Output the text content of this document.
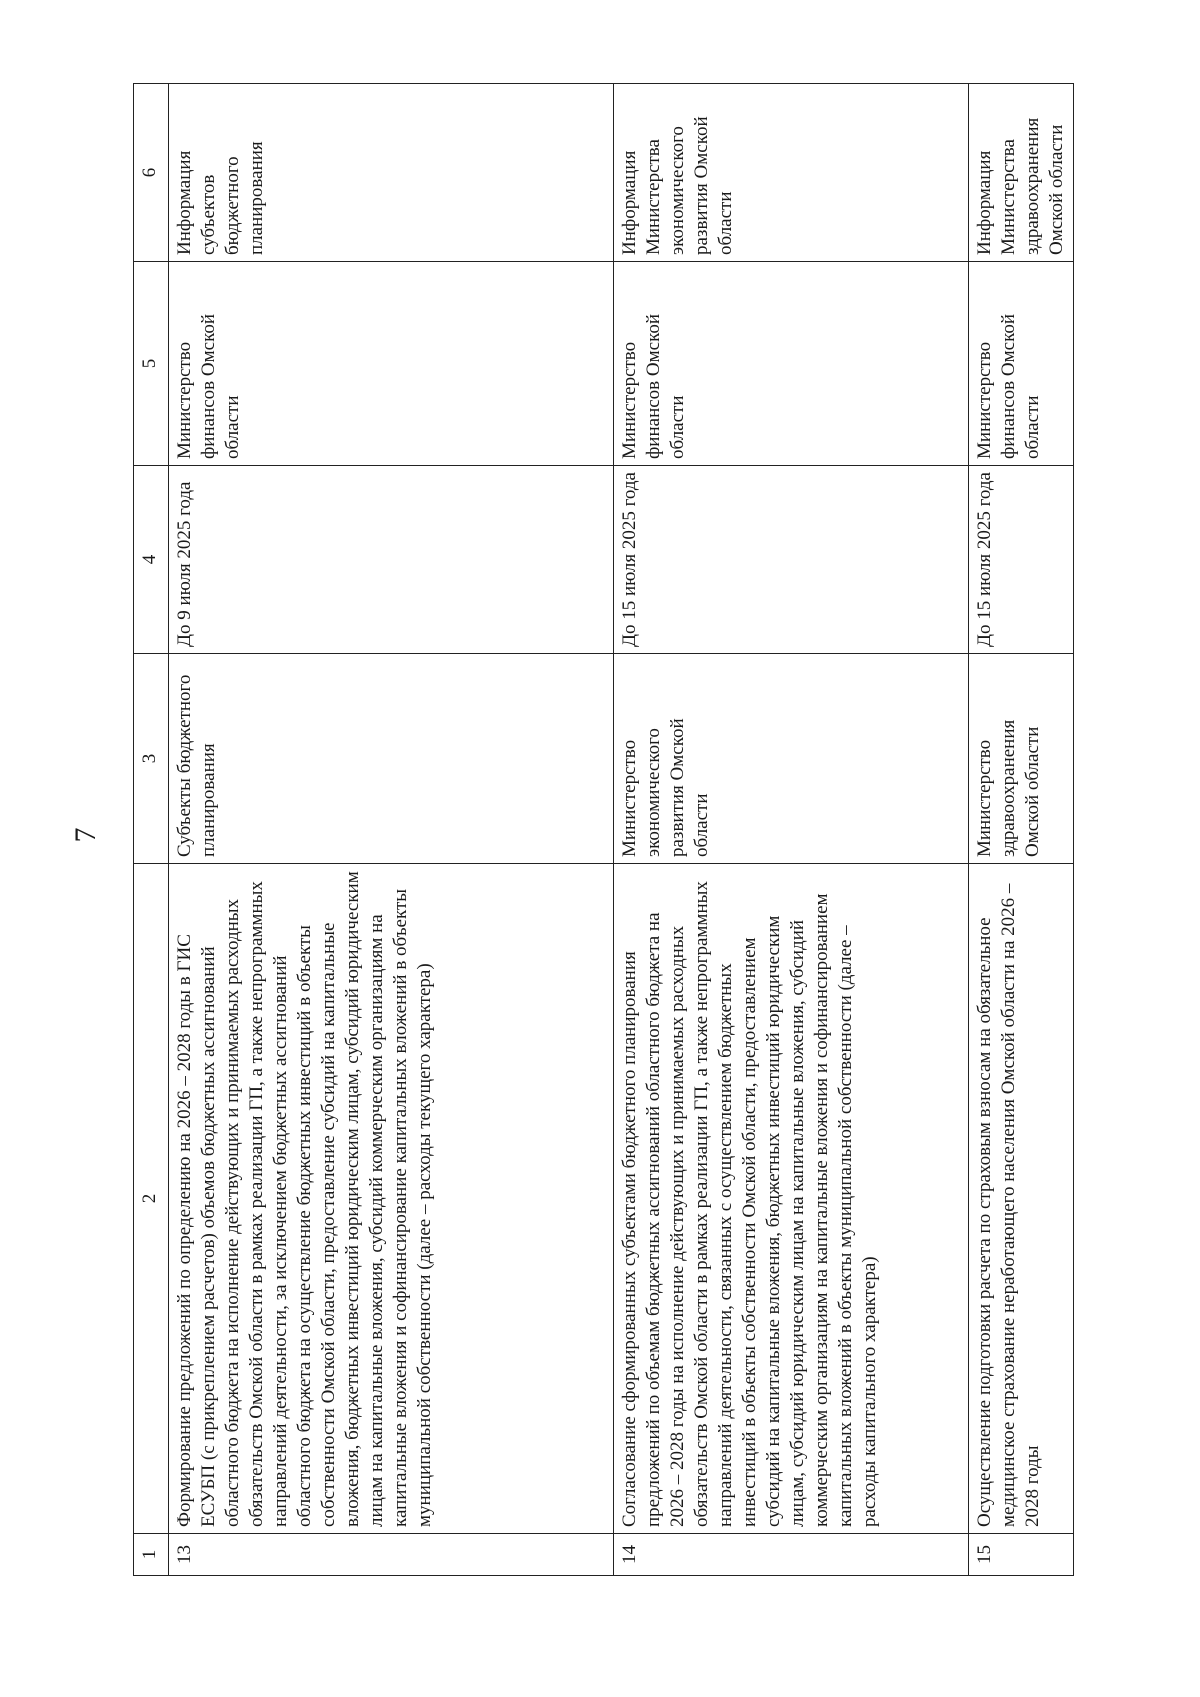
7
1	2	3	4	5	6
13	Формирование предложений по определению на 2026 – 2028 годы в ГИС ЕСУБП (с прикреплением расчетов) объемов бюджетных ассигнований областного бюджета на исполнение действующих и принимаемых расходных обязательств Омской области в рамках реализации ГП, а также непрограммных направлений деятельности, за исключением бюджетных ассигнований областного бюджета на осуществление бюджетных инвестиций в объекты собственности Омской области, предоставление субсидий на капитальные вложения, бюджетных инвестиций юридическим лицам, субсидий юридическим лицам на капитальные вложения, субсидий коммерческим организациям на капитальные вложения и софинансирование капитальных вложений в объекты муниципальной собственности (далее – расходы текущего характера)	Субъекты бюджетного планирования	До 9 июля 2025 года	Министерство финансов Омской области	Информация субъектов бюджетного планирования
14	Согласование сформированных субъектами бюджетного планирования предложений по объемам бюджетных ассигнований областного бюджета на 2026 – 2028 годы на исполнение действующих и принимаемых расходных обязательств Омской области в рамках реализации ГП, а также непрограммных направлений деятельности, связанных с осуществлением бюджетных инвестиций в объекты собственности Омской области, предоставлением субсидий на капитальные вложения, бюджетных инвестиций юридическим лицам, субсидий юридическим лицам на капитальные вложения, субсидий коммерческим организациям на капитальные вложения и софинансированием капитальных вложений в объекты муниципальной собственности (далее – расходы капитального характера)	Министерство экономического развития Омской области	До 15 июля 2025 года	Министерство финансов Омской области	Информация Министерства экономического развития Омской области
15	Осуществление подготовки расчета по страховым взносам на обязательное медицинское страхование неработающего населения Омской области на 2026 – 2028 годы	Министерство здравоохранения Омской области	До 15 июля 2025 года	Министерство финансов Омской области	Информация Министерства здравоохранения Омской области
